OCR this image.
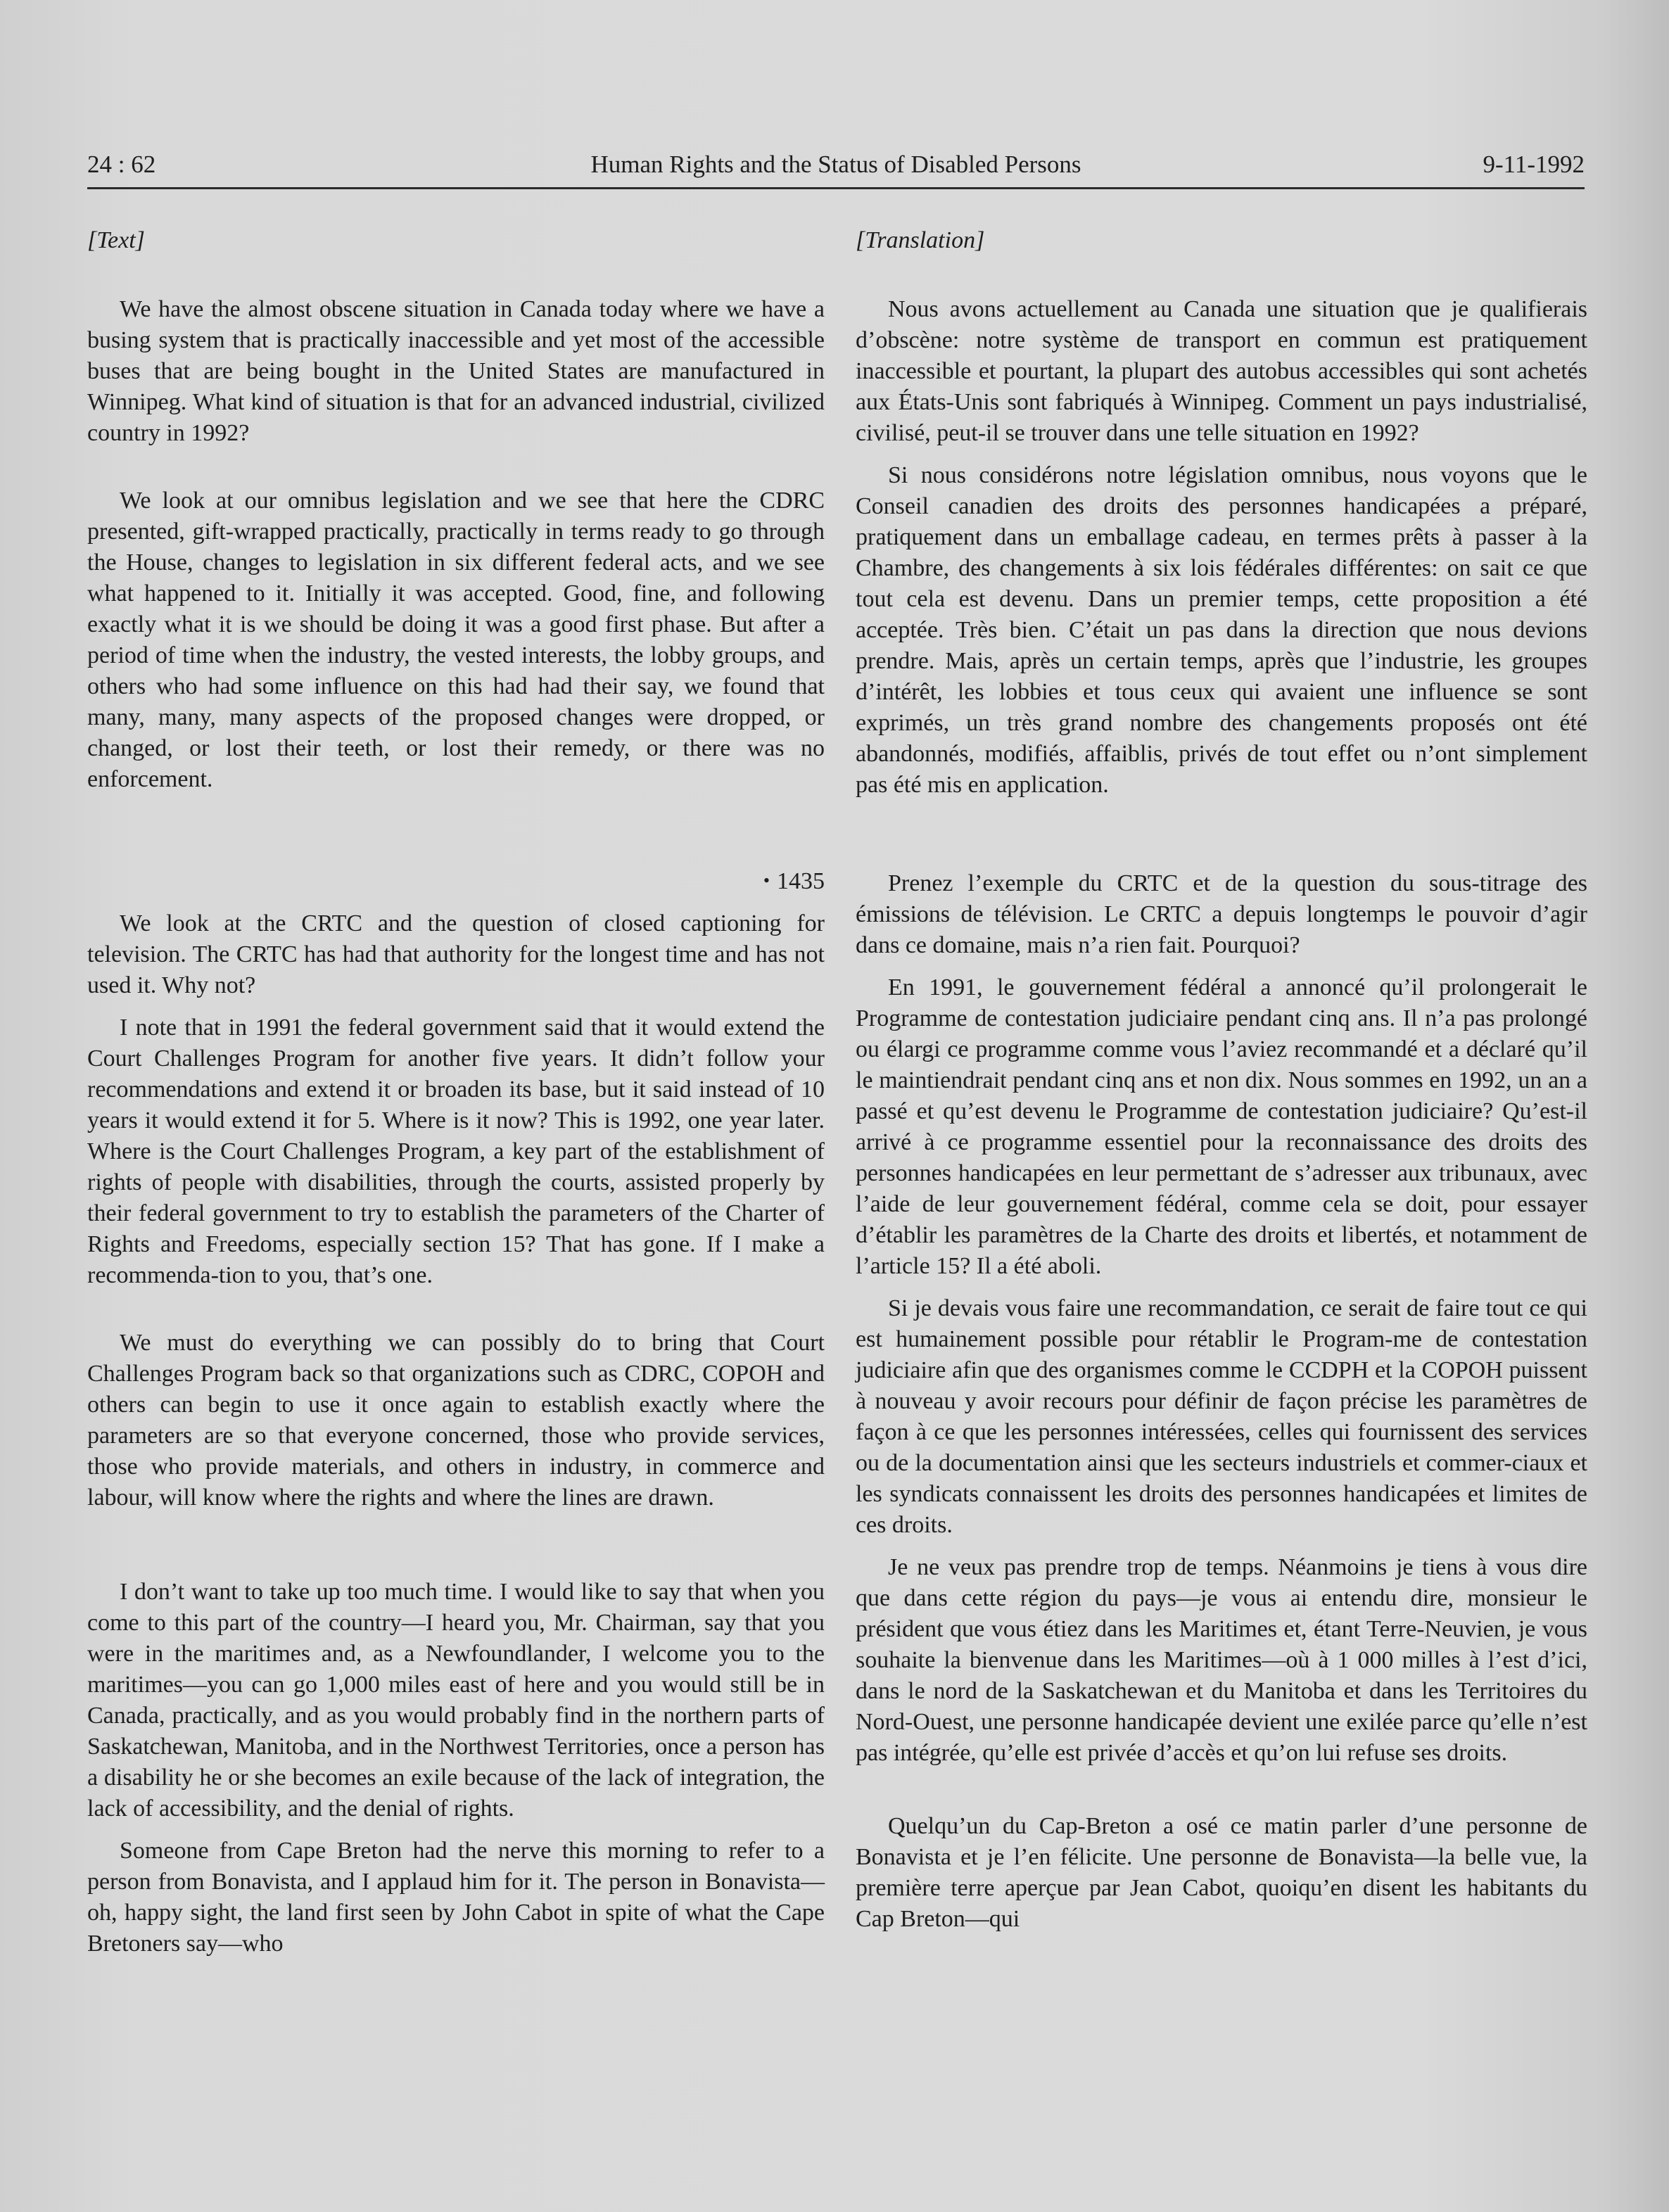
Human Rights and the Status of Disabled Persons
24 : 62	9-11-1992
[Text]

We have the almost obscene situation in Canada today where we have a busing system that is practically inaccessible and yet most of the accessible buses that are being bought in the United States are manufactured in Winnipeg. What kind of situation is that for an advanced industrial, civilized country in 1992?

We look at our omnibus legislation and we see that here the CDRC presented, gift-wrapped practically, practically in terms ready to go through the House, changes to legislation in six different federal acts, and we see what happened to it. Initially it was accepted. Good, fine, and following exactly what it is we should be doing it was a good first phase. But after a period of time when the industry, the vested interests, the lobby groups, and others who had some influence on this had had their say, we found that many, many, many aspects of the proposed changes were dropped, or changed, or lost their teeth, or lost their remedy, or there was no enforcement.

• 1435

We look at the CRTC and the question of closed captioning for television. The CRTC has had that authority for the longest time and has not used it. Why not?

I note that in 1991 the federal government said that it would extend the Court Challenges Program for another five years. It didn’t follow your recommendations and extend it or broaden its base, but it said instead of 10 years it would extend it for 5. Where is it now? This is 1992, one year later. Where is the Court Challenges Program, a key part of the establishment of rights of people with disabilities, through the courts, assisted properly by their federal government to try to establish the parameters of the Charter of Rights and Freedoms, especially section 15? That has gone. If I make a recommenda-tion to you, that’s one.

We must do everything we can possibly do to bring that Court Challenges Program back so that organizations such as CDRC, COPOH and others can begin to use it once again to establish exactly where the parameters are so that everyone concerned, those who provide services, those who provide materials, and others in industry, in commerce and labour, will know where the rights and where the lines are drawn.

I don’t want to take up too much time. I would like to say that when you come to this part of the country—I heard you, Mr. Chairman, say that you were in the maritimes and, as a Newfoundlander, I welcome you to the maritimes—you can go 1,000 miles east of here and you would still be in Canada, practically, and as you would probably find in the northern parts of Saskatchewan, Manitoba, and in the Northwest Territories, once a person has a disability he or she becomes an exile because of the lack of integration, the lack of accessibility, and the denial of rights.

Someone from Cape Breton had the nerve this morning to refer to a person from Bonavista, and I applaud him for it. The person in Bonavista—oh, happy sight, the land first seen by John Cabot in spite of what the Cape Bretoners say—who

[Translation]

Nous avons actuellement au Canada une situation que je qualifierais d’obscène: notre système de transport en commun est pratiquement inaccessible et pourtant, la plupart des autobus accessibles qui sont achetés aux États-Unis sont fabriqués à Winnipeg. Comment un pays industrialisé, civilisé, peut-il se trouver dans une telle situation en 1992?

Si nous considérons notre législation omnibus, nous voyons que le Conseil canadien des droits des personnes handicapées a préparé, pratiquement dans un emballage cadeau, en termes prêts à passer à la Chambre, des changements à six lois fédérales différentes: on sait ce que tout cela est devenu. Dans un premier temps, cette proposition a été acceptée. Très bien. C’était un pas dans la direction que nous devions prendre. Mais, après un certain temps, après que l’industrie, les groupes d’intérêt, les lobbies et tous ceux qui avaient une influence se sont exprimés, un très grand nombre des changements proposés ont été abandonnés, modifiés, affaiblis, privés de tout effet ou n’ont simplement pas été mis en application.

Prenez l’exemple du CRTC et de la question du sous-titrage des émissions de télévision. Le CRTC a depuis longtemps le pouvoir d’agir dans ce domaine, mais n’a rien fait. Pourquoi?

En 1991, le gouvernement fédéral a annoncé qu’il prolongerait le Programme de contestation judiciaire pendant cinq ans. Il n’a pas prolongé ou élargi ce programme comme vous l’aviez recommandé et a déclaré qu’il le maintiendrait pendant cinq ans et non dix. Nous sommes en 1992, un an a passé et qu’est devenu le Programme de contestation judiciaire? Qu’est-il arrivé à ce programme essentiel pour la reconnaissance des droits des personnes handicapées en leur permettant de s’adresser aux tribunaux, avec l’aide de leur gouvernement fédéral, comme cela se doit, pour essayer d’établir les paramètres de la Charte des droits et libertés, et notamment de l’article 15? Il a été aboli.

Si je devais vous faire une recommandation, ce serait de faire tout ce qui est humainement possible pour rétablir le Program-me de contestation judiciaire afin que des organismes comme le CCDPH et la COPOH puissent à nouveau y avoir recours pour définir de façon précise les paramètres de façon à ce que les personnes intéressées, celles qui fournissent des services ou de la documentation ainsi que les secteurs industriels et commer-ciaux et les syndicats connaissent les droits des personnes handicapées et limites de ces droits.

Je ne veux pas prendre trop de temps. Néanmoins je tiens à vous dire que dans cette région du pays—je vous ai entendu dire, monsieur le président que vous étiez dans les Maritimes et, étant Terre-Neuvien, je vous souhaite la bienvenue dans les Maritimes—où à 1 000 milles à l’est d’ici, dans le nord de la Saskatchewan et du Manitoba et dans les Territoires du Nord-Ouest, une personne handicapée devient une exilée parce qu’elle n’est pas intégrée, qu’elle est privée d’accès et qu’on lui refuse ses droits.

Quelqu’un du Cap-Breton a osé ce matin parler d’une personne de Bonavista et je l’en félicite. Une personne de Bonavista—la belle vue, la première terre aperçue par Jean Cabot, quoiqu’en disent les habitants du Cap Breton—qui
